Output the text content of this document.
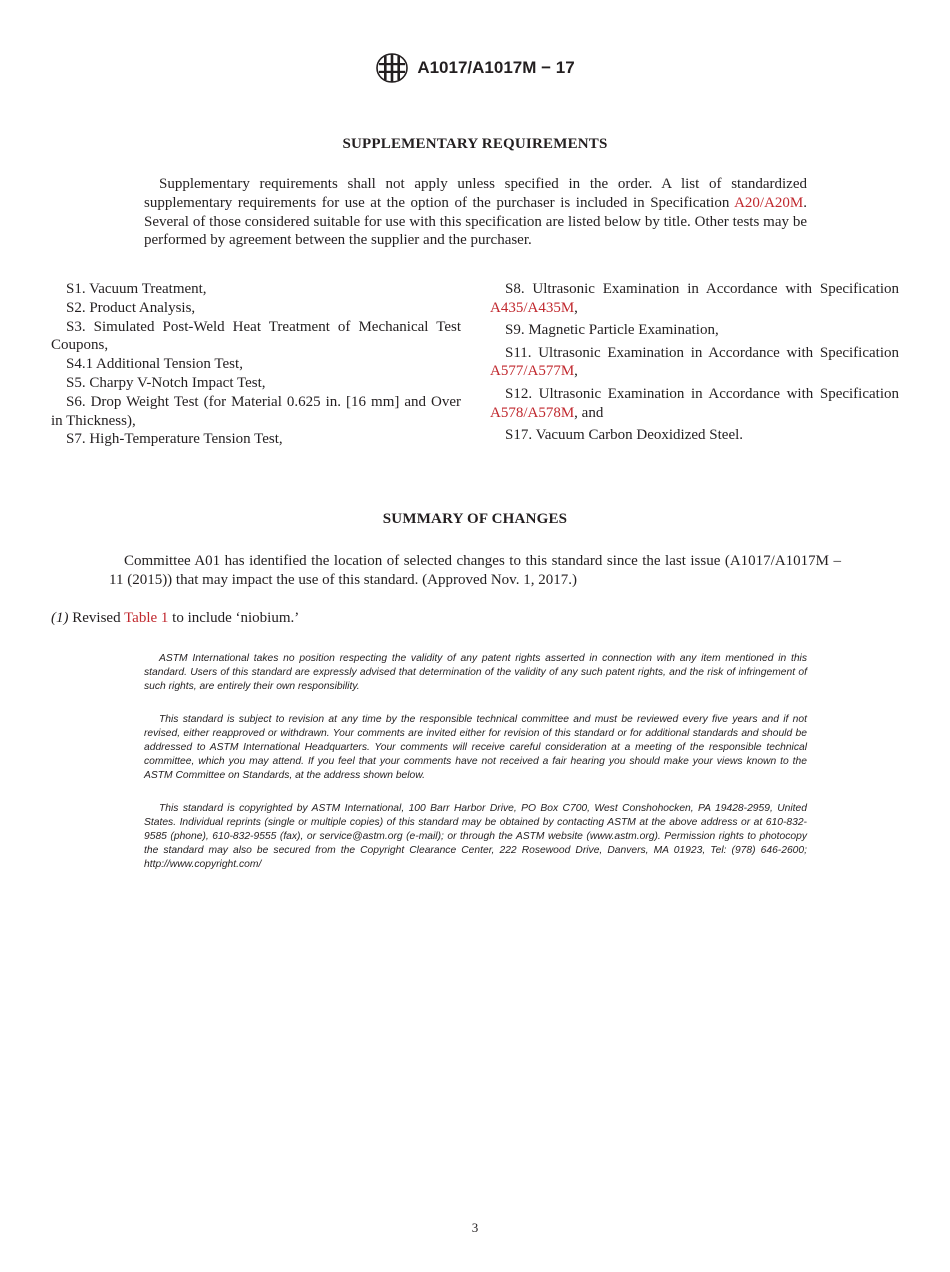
A1017/A1017M − 17
SUPPLEMENTARY REQUIREMENTS
Supplementary requirements shall not apply unless specified in the order. A list of standardized supplementary requirements for use at the option of the purchaser is included in Specification A20/A20M. Several of those considered suitable for use with this specification are listed below by title. Other tests may be performed by agreement between the supplier and the purchaser.
S1. Vacuum Treatment,
S2. Product Analysis,
S3. Simulated Post-Weld Heat Treatment of Mechanical Test Coupons,
S4.1 Additional Tension Test,
S5. Charpy V-Notch Impact Test,
S6. Drop Weight Test (for Material 0.625 in. [16 mm] and Over in Thickness),
S7. High-Temperature Tension Test,
S8. Ultrasonic Examination in Accordance with Specification A435/A435M,
S9. Magnetic Particle Examination,
S11. Ultrasonic Examination in Accordance with Specification A577/A577M,
S12. Ultrasonic Examination in Accordance with Specification A578/A578M, and
S17. Vacuum Carbon Deoxidized Steel.
SUMMARY OF CHANGES
Committee A01 has identified the location of selected changes to this standard since the last issue (A1017/A1017M – 11 (2015)) that may impact the use of this standard. (Approved Nov. 1, 2017.)
(1) Revised Table 1 to include ‘niobium.’
ASTM International takes no position respecting the validity of any patent rights asserted in connection with any item mentioned in this standard. Users of this standard are expressly advised that determination of the validity of any such patent rights, and the risk of infringement of such rights, are entirely their own responsibility.
This standard is subject to revision at any time by the responsible technical committee and must be reviewed every five years and if not revised, either reapproved or withdrawn. Your comments are invited either for revision of this standard or for additional standards and should be addressed to ASTM International Headquarters. Your comments will receive careful consideration at a meeting of the responsible technical committee, which you may attend. If you feel that your comments have not received a fair hearing you should make your views known to the ASTM Committee on Standards, at the address shown below.
This standard is copyrighted by ASTM International, 100 Barr Harbor Drive, PO Box C700, West Conshohocken, PA 19428-2959, United States. Individual reprints (single or multiple copies) of this standard may be obtained by contacting ASTM at the above address or at 610-832-9585 (phone), 610-832-9555 (fax), or service@astm.org (e-mail); or through the ASTM website (www.astm.org). Permission rights to photocopy the standard may also be secured from the Copyright Clearance Center, 222 Rosewood Drive, Danvers, MA 01923, Tel: (978) 646-2600; http://www.copyright.com/
3
